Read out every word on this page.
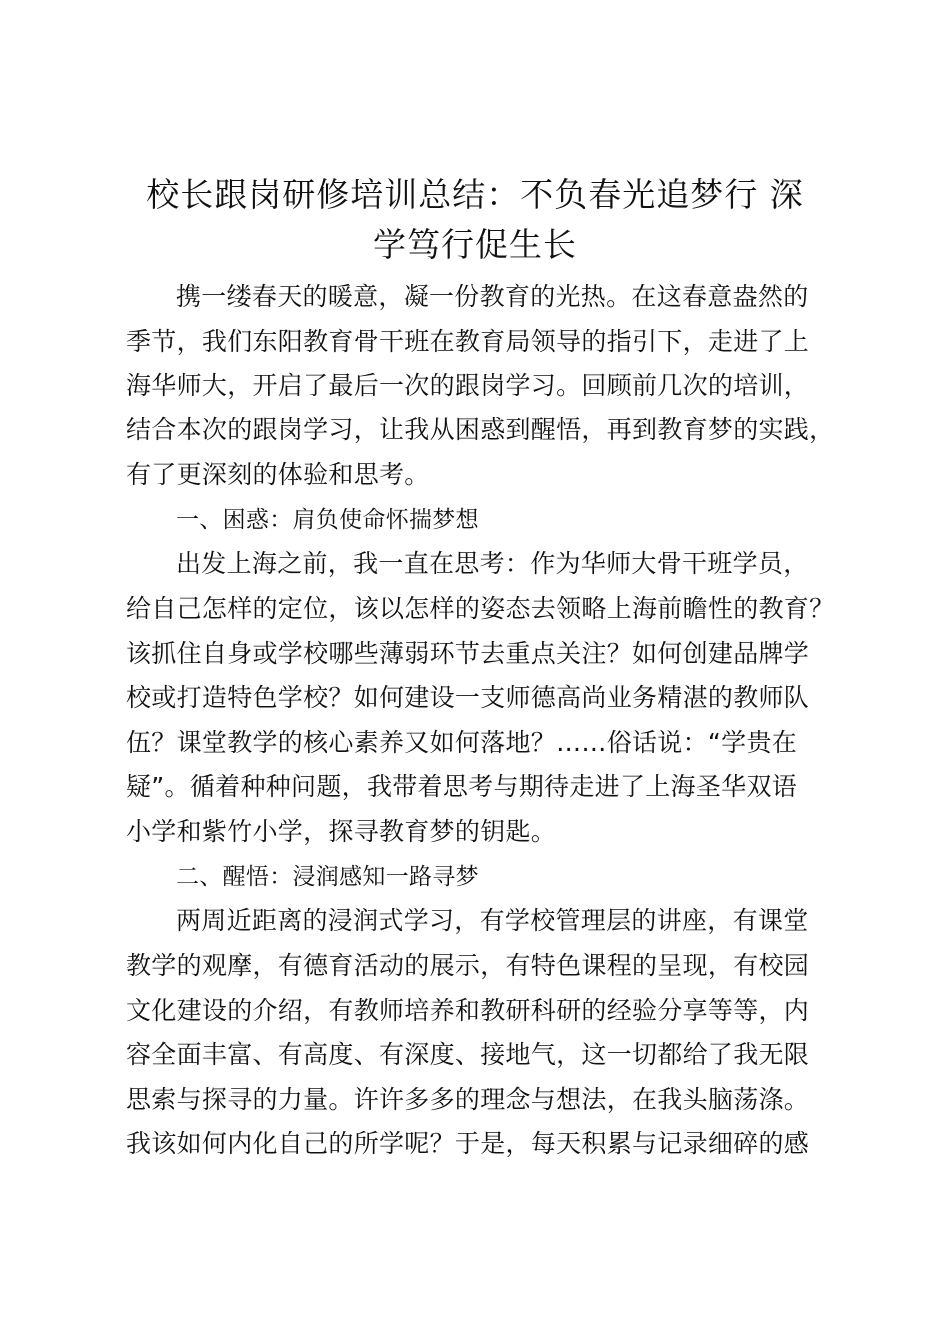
校长跟岗研修培训总结：不负春光追梦行 深
学笃行促生长
携一缕春天的暖意，凝一份教育的光热。在这春意盎然的
季节，我们东阳教育骨干班在教育局领导的指引下，走进了上
海华师大，开启了最后一次的跟岗学习。回顾前几次的培训，
结合本次的跟岗学习，让我从困惑到醒悟，再到教育梦的实践，
有了更深刻的体验和思考。
一、困惑：肩负使命怀揣梦想
出发上海之前，我一直在思考：作为华师大骨干班学员，
给自己怎样的定位，该以怎样的姿态去领略上海前瞻性的教育？
该抓住自身或学校哪些薄弱环节去重点关注？如何创建品牌学
校或打造特色学校？如何建设一支师德高尚业务精湛的教师队
伍？课堂教学的核心素养又如何落地？……俗话说：“学贵在
疑”。循着种种问题，我带着思考与期待走进了上海圣华双语
小学和紫竹小学，探寻教育梦的钥匙。
二、醒悟：浸润感知一路寻梦
两周近距离的浸润式学习，有学校管理层的讲座，有课堂
教学的观摩，有德育活动的展示，有特色课程的呈现，有校园
文化建设的介绍，有教师培养和教研科研的经验分享等等，内
容全面丰富、有高度、有深度、接地气，这一切都给了我无限
思索与探寻的力量。许许多多的理念与想法，在我头脑荡涤。
我该如何内化自己的所学呢？于是，每天积累与记录细碎的感
